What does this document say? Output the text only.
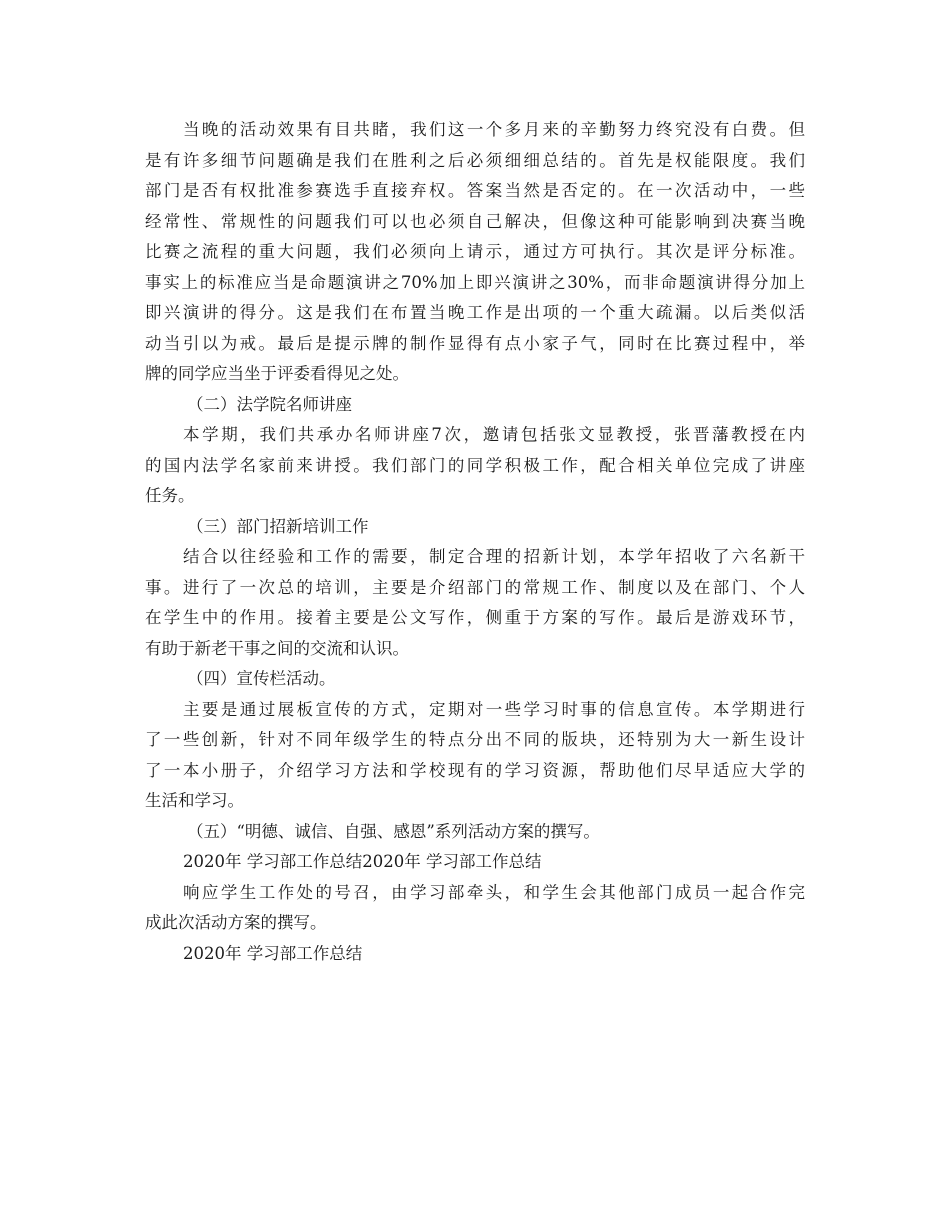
当晚的活动效果有目共睹，我们这一个多月来的辛勤努力终究没有白费。但
是有许多细节问题确是我们在胜利之后必须细细总结的。首先是权能限度。我们
部门是否有权批准参赛选手直接弃权。答案当然是否定的。在一次活动中，一些
经常性、常规性的问题我们可以也必须自己解决，但像这种可能影响到决赛当晚
比赛之流程的重大问题，我们必须向上请示，通过方可执行。其次是评分标准。
事实上的标准应当是命题演讲之70%加上即兴演讲之30%，而非命题演讲得分加上
即兴演讲的得分。这是我们在布置当晚工作是出项的一个重大疏漏。以后类似活
动当引以为戒。最后是提示牌的制作显得有点小家子气，同时在比赛过程中，举
牌的同学应当坐于评委看得见之处。
（二）法学院名师讲座
本学期，我们共承办名师讲座7次，邀请包括张文显教授，张晋藩教授在内
的国内法学名家前来讲授。我们部门的同学积极工作，配合相关单位完成了讲座
任务。
（三）部门招新培训工作
结合以往经验和工作的需要，制定合理的招新计划，本学年招收了六名新干
事。进行了一次总的培训，主要是介绍部门的常规工作、制度以及在部门、个人
在学生中的作用。接着主要是公文写作，侧重于方案的写作。最后是游戏环节，
有助于新老干事之间的交流和认识。
（四）宣传栏活动。
主要是通过展板宣传的方式，定期对一些学习时事的信息宣传。本学期进行
了一些创新，针对不同年级学生的特点分出不同的版块，还特别为大一新生设计
了一本小册子，介绍学习方法和学校现有的学习资源，帮助他们尽早适应大学的
生活和学习。
（五）“明德、诚信、自强、感恩”系列活动方案的撰写。
2020年 学习部工作总结2020年 学习部工作总结
响应学生工作处的号召，由学习部牵头，和学生会其他部门成员一起合作完
成此次活动方案的撰写。
2020年 学习部工作总结
